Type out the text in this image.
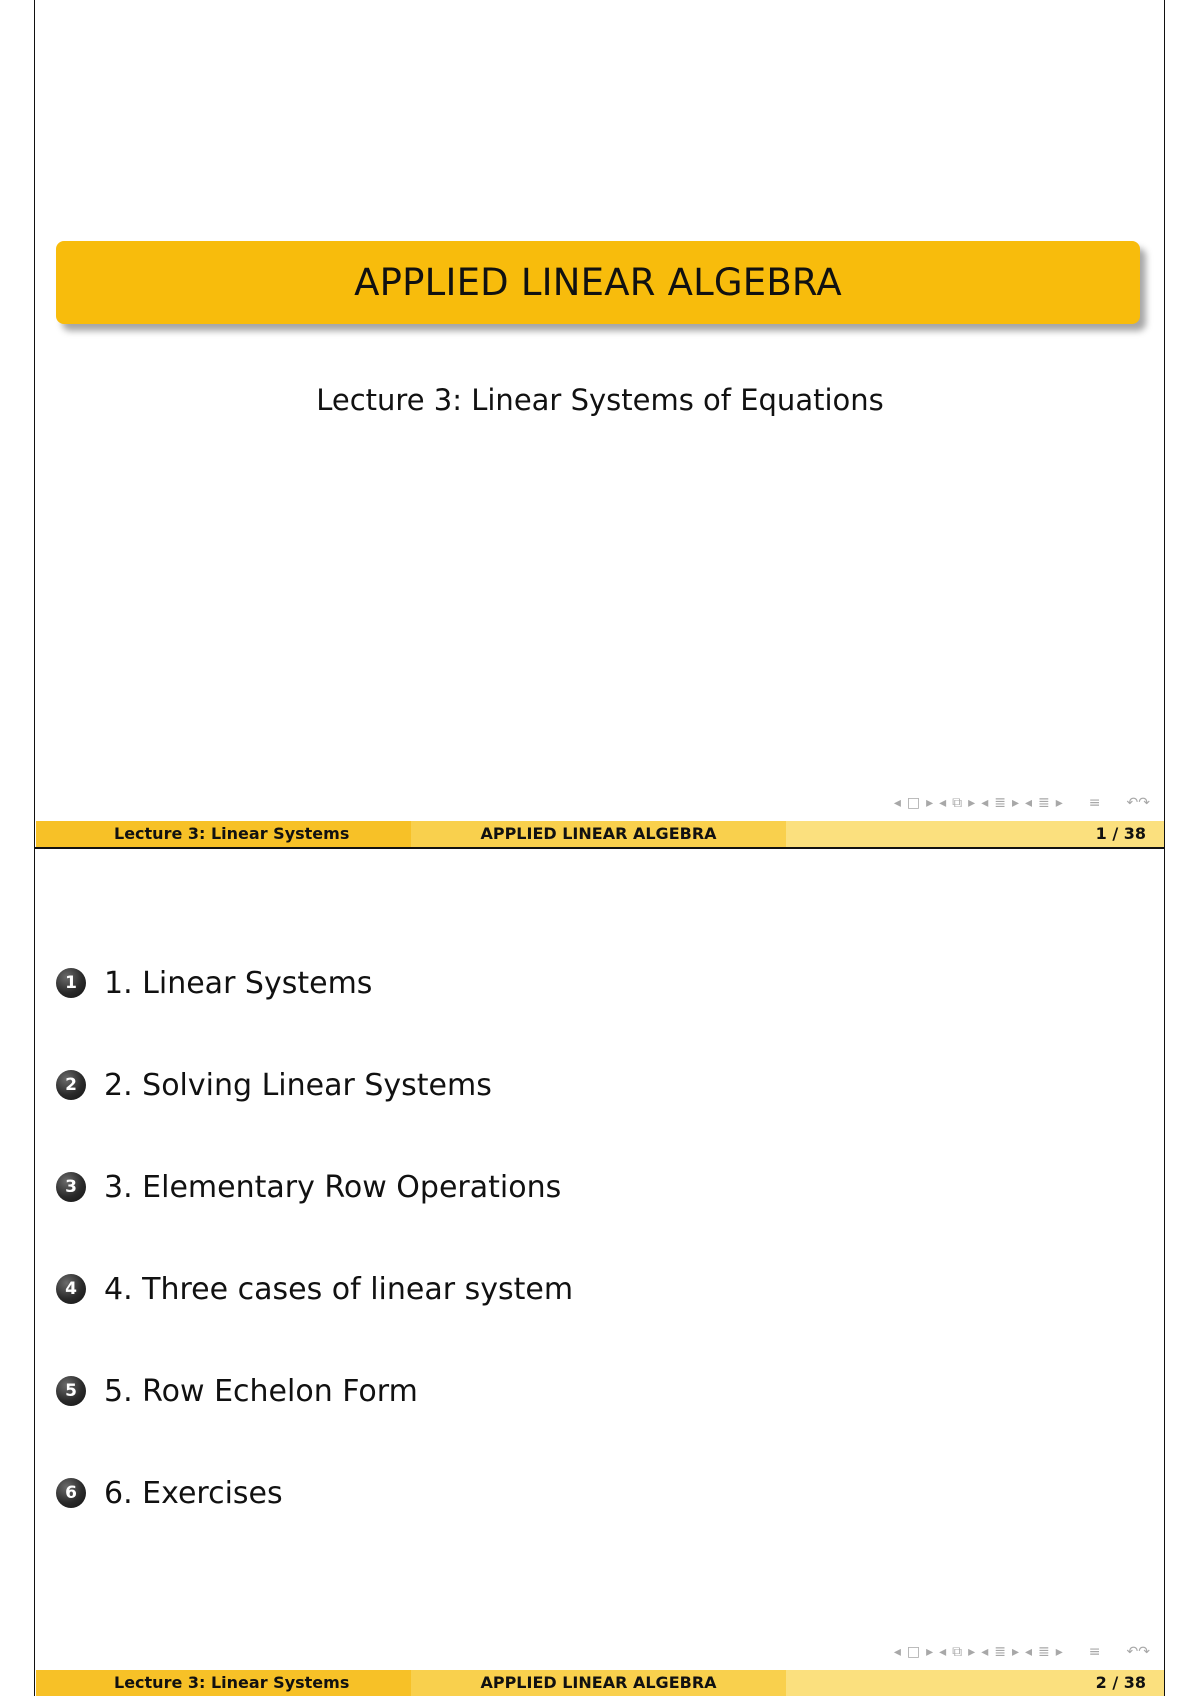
APPLIED LINEAR ALGEBRA
Lecture 3: Linear Systems of Equations
◂ □ ▸ ◂ ⧉ ▸ ◂ ≣ ▸ ◂ ≣ ▸ ≡ ↶↷
Lecture 3: Linear Systems	APPLIED LINEAR ALGEBRA	1 / 38
1 1. Linear Systems
2 2. Solving Linear Systems
3 3. Elementary Row Operations
4 4. Three cases of linear system
5 5. Row Echelon Form
6 6. Exercises
◂ □ ▸ ◂ ⧉ ▸ ◂ ≣ ▸ ◂ ≣ ▸ ≡ ↶↷
Lecture 3: Linear Systems	APPLIED LINEAR ALGEBRA	2 / 38
